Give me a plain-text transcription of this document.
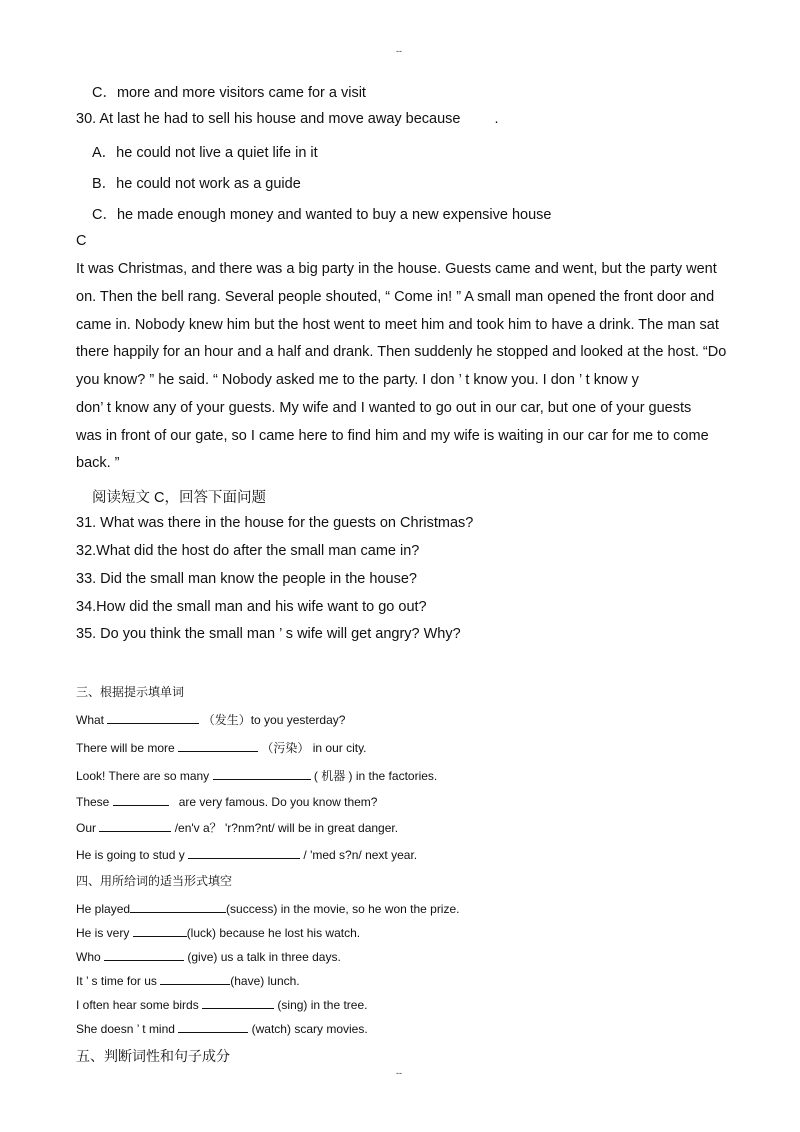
--
--
C．more and more visitors came for a visit
30. At last he had to sell his house and move away because .
A．he could not live a quiet life in it
B．he could not work as a guide
C．he made enough money and wanted to buy a new expensive house
C
It was Christmas, and there was a big party in the house. Guests came and went, but the party went
on. Then the bell rang. Several people shouted, “ Come in! ” A small man opened the front door and
came in. Nobody knew him but the host went to meet him and took him to have a drink. The man sat
there happily for an hour and a half and drank. Then suddenly he stopped and looked at the host. “Do
you know? ” he said. “ Nobody asked me to the party. I don ’ t know you. I don ’ t know y
don’ t know any of your guests. My wife and I wanted to go out in our car, but one of your guests
was in front of our gate, so I came here to find him and my wife is waiting in our car for me to come
back. ”
阅读短文 C，回答下面问题
31. What was there in the house for the guests on Christmas?
32.What did the host do after the small man came in?
33. Did the small man know the people in the house?
34.How did the small man and his wife want to go out?
35. Do you think the small man ’ s wife will get angry? Why?
三、根据提示填单词
What	（发生）to you yesterday?
There will be more	（污染） in our city.
Look! There are so many	( 机器 ) in the factories.
These	are very famous. Do you know them?
Our	/en'v a？ 'r?nm?nt/ will be in great danger.
He is going to stud y	/ 'med s?n/ next year.
四、用所给词的适当形式填空
He played	(success) in the movie, so he won the prize.
He is very	(luck) because he lost his watch.
Who	(give) us a talk in three days.
It ’ s time for us	(have) lunch.
I often hear some birds	(sing) in the tree.
She doesn ’ t mind	(watch) scary movies.
五、判断词性和句子成分
